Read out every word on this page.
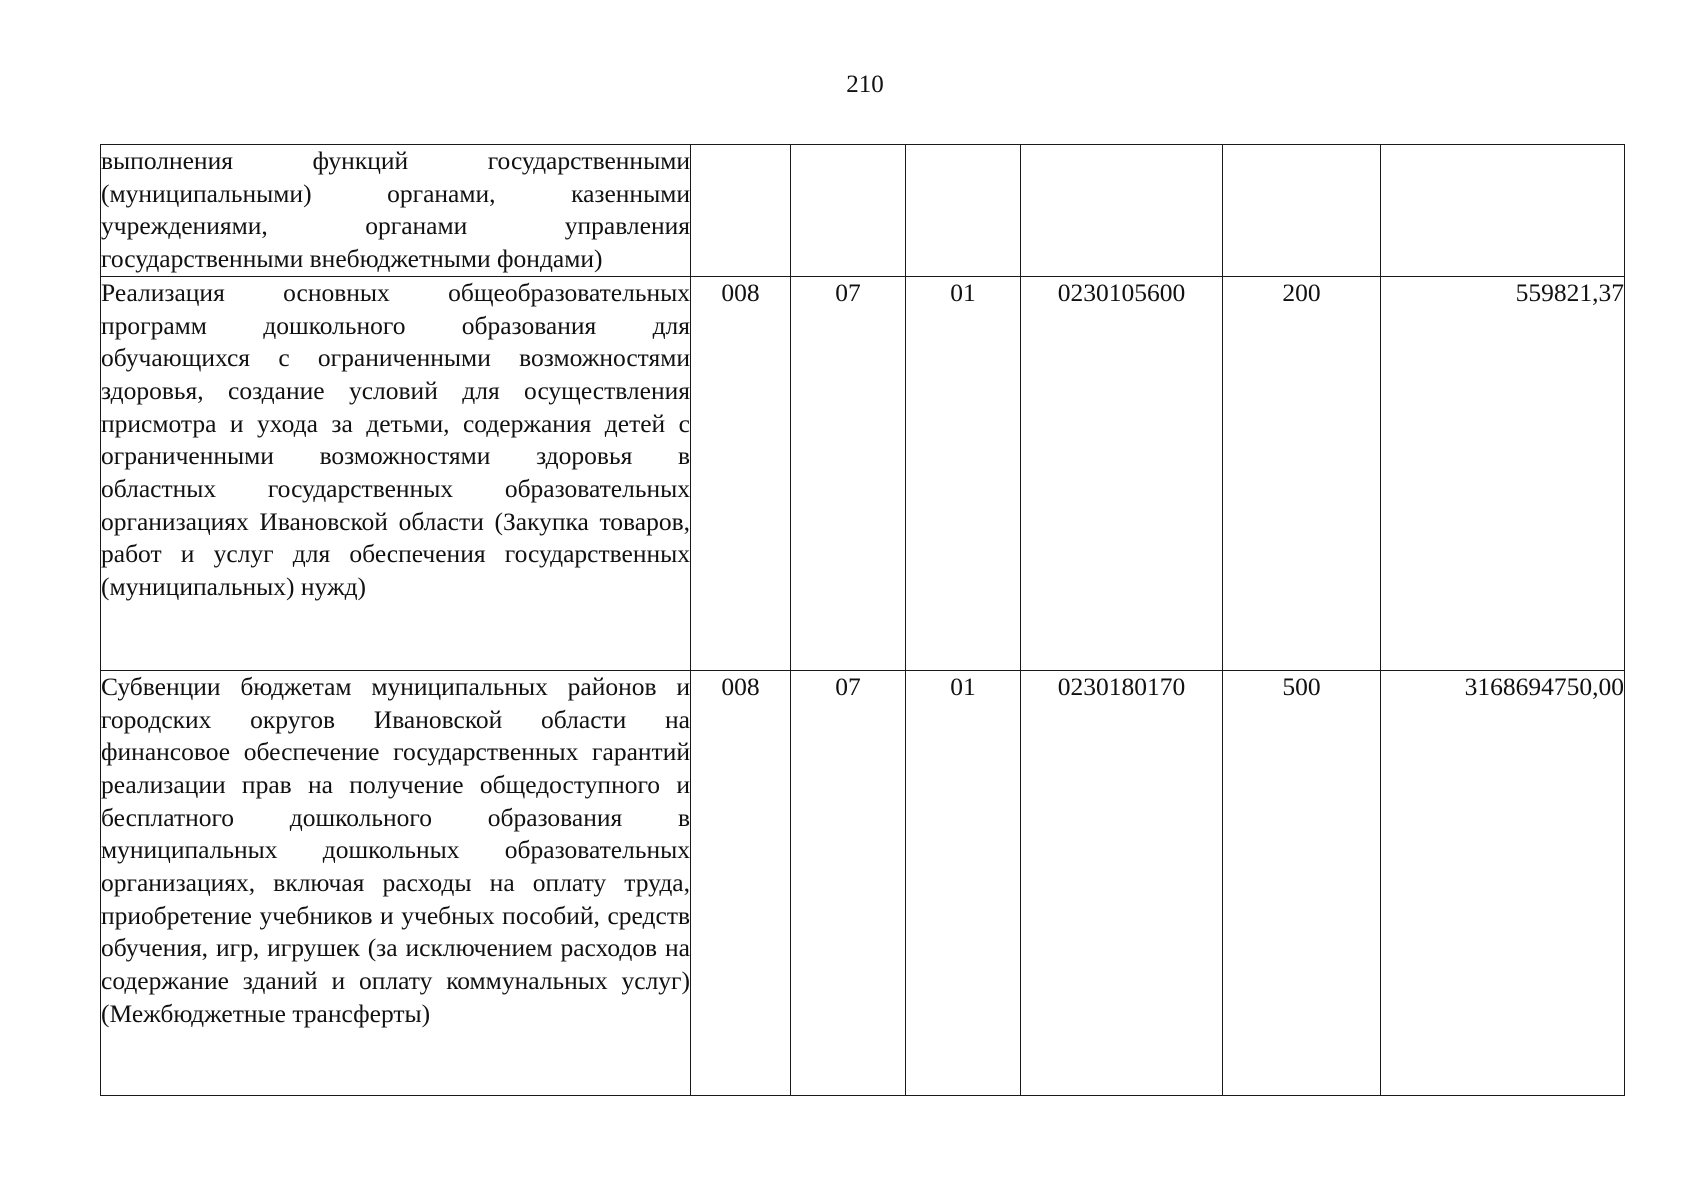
210
выполнения функций государственными (муниципальными) органами, казенными учреждениями, органами управления государственными внебюджетными фондами)						
Реализация основных общеобразовательных программ дошкольного образования для обучающихся с ограниченными возможностями здоровья, создание условий для осуществления присмотра и ухода за детьми, содержания детей с ограниченными возможностями здоровья в областных государственных образовательных организациях Ивановской области (Закупка товаров, работ и услуг для обеспечения государственных (муниципальных) нужд)	008	07	01	0230105600	200	559821,37
Субвенции бюджетам муниципальных районов и городских округов Ивановской области на финансовое обеспечение государственных гарантий реализации прав на получение общедоступного и бесплатного дошкольного образования в муниципальных дошкольных образовательных организациях, включая расходы на оплату труда, приобретение учебников и учебных пособий, средств обучения, игр, игрушек (за исключением расходов на содержание зданий и оплату коммунальных услуг) (Межбюджетные трансферты)	008	07	01	0230180170	500	3168694750,00
